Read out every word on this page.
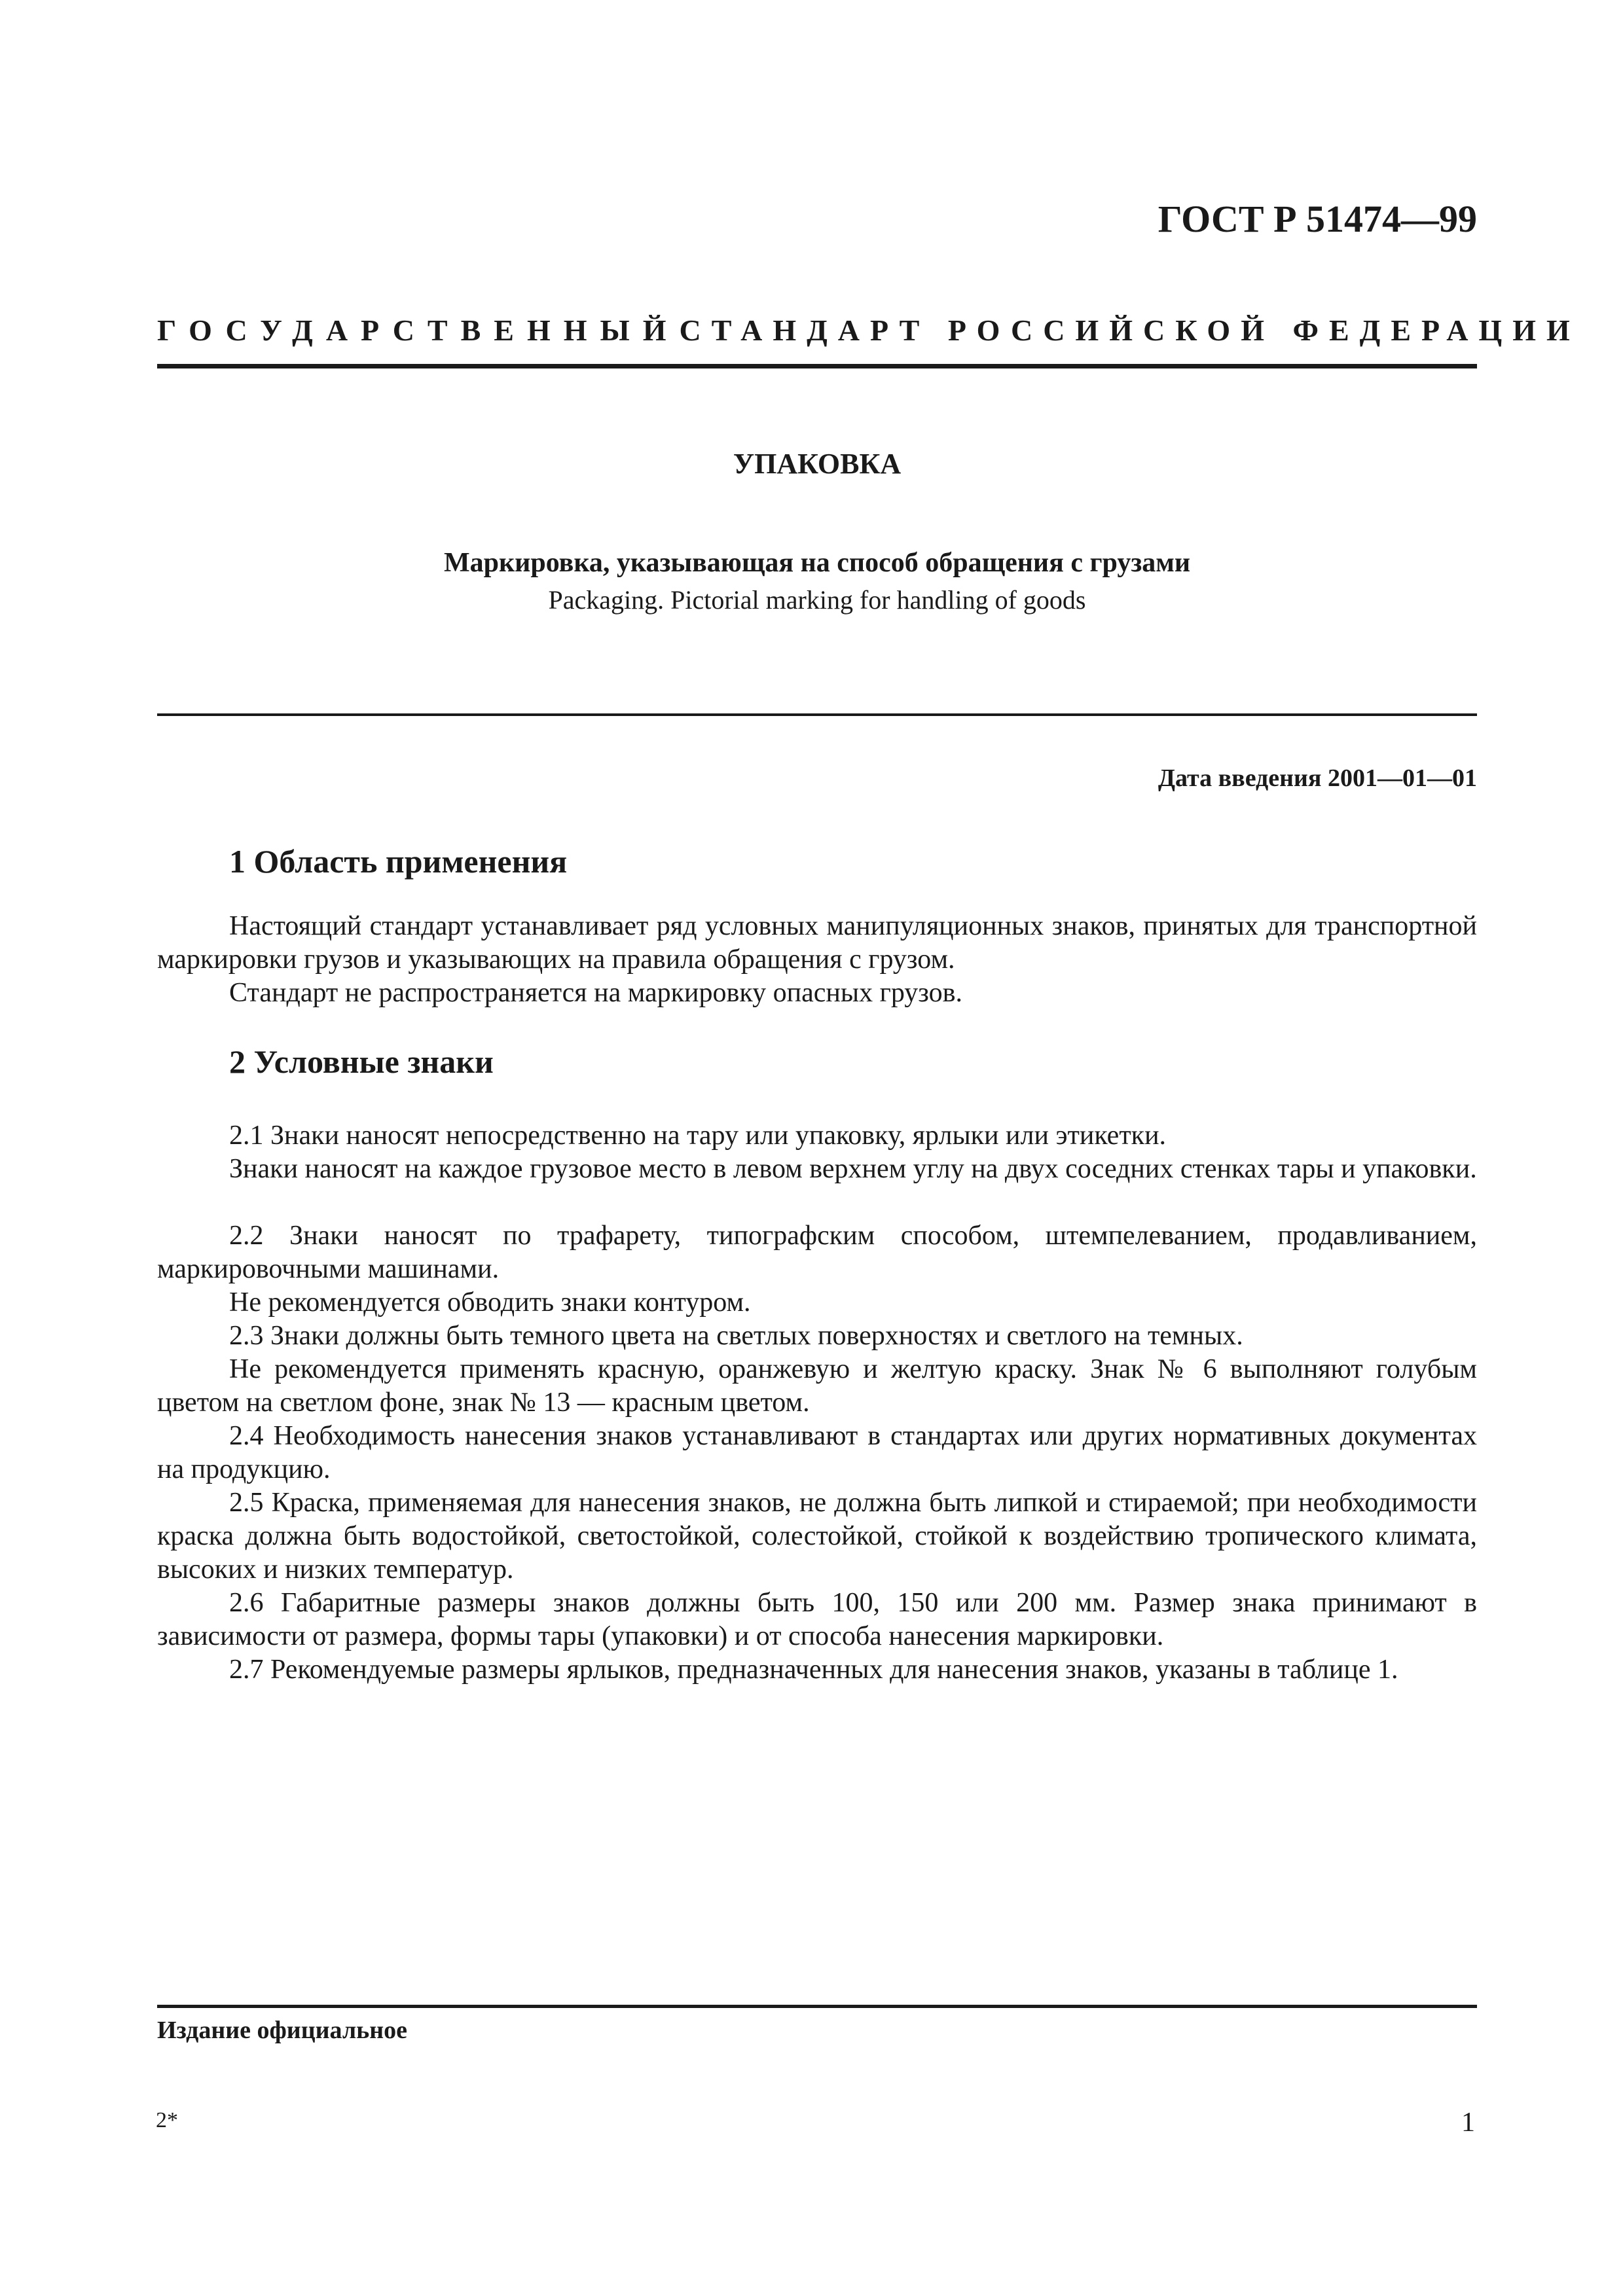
ГОСТ Р 51474—99
ГОСУДАРСТВЕННЫЙ СТАНДАРТ РОССИЙСКОЙ ФЕДЕРАЦИИ
УПАКОВКА
Маркировка, указывающая на способ обращения с грузами
Packaging. Pictorial marking for handling of goods
Дата введения 2001—01—01
1 Область применения
Настоящий стандарт устанавливает ряд условных манипуляционных знаков, принятых для транспортной маркировки грузов и указывающих на правила обращения с грузом.
Стандарт не распространяется на маркировку опасных грузов.
2 Условные знаки
2.1 Знаки наносят непосредственно на тару или упаковку, ярлыки или этикетки.
Знаки наносят на каждое грузовое место в левом верхнем углу на двух соседних стенках тары и упаковки.
2.2 Знаки наносят по трафарету, типографским способом, штемпелеванием, продавливанием, маркировочными машинами.
Не рекомендуется обводить знаки контуром.
2.3 Знаки должны быть темного цвета на светлых поверхностях и светлого на темных.
Не рекомендуется применять красную, оранжевую и желтую краску. Знак № 6 выполняют голубым цветом на светлом фоне, знак № 13 — красным цветом.
2.4 Необходимость нанесения знаков устанавливают в стандартах или других нормативных документах на продукцию.
2.5 Краска, применяемая для нанесения знаков, не должна быть липкой и стираемой; при необходимости краска должна быть водостойкой, светостойкой, солестойкой, стойкой к воздействию тропического климата, высоких и низких температур.
2.6 Габаритные размеры знаков должны быть 100, 150 или 200 мм. Размер знака принимают в зависимости от размера, формы тары (упаковки) и от способа нанесения маркировки.
2.7 Рекомендуемые размеры ярлыков, предназначенных для нанесения знаков, указаны в таблице 1.
Издание официальное
2*	1
